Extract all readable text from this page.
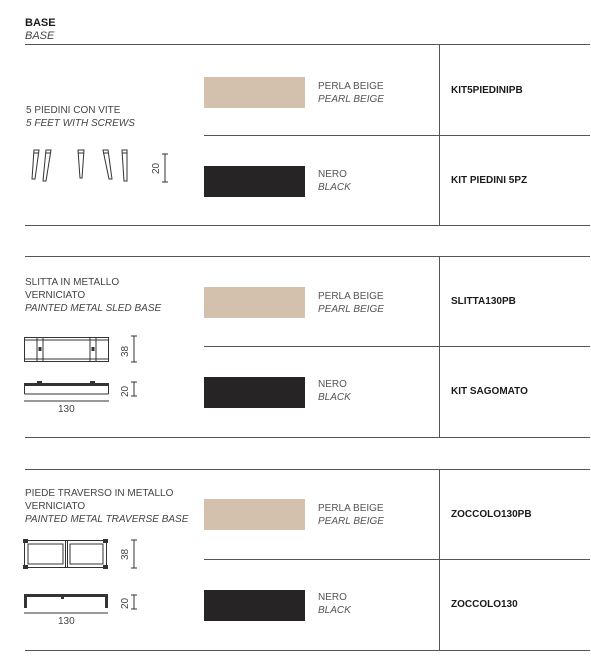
BASE
BASE
5 PIEDINI CON VITE
5 FEET WITH SCREWS
20
PERLA BEIGE
PEARL BEIGE
KIT5PIEDINIPB
NERO
BLACK
KIT PIEDINI 5PZ
SLITTA IN METALLO
VERNICIATO
PAINTED METAL SLED BASE
38
20
130
PERLA BEIGE
PEARL BEIGE
SLITTA130PB
NERO
BLACK
KIT SAGOMATO
PIEDE TRAVERSO IN METALLO
VERNICIATO
PAINTED METAL TRAVERSE BASE
38
20
130
PERLA BEIGE
PEARL BEIGE
ZOCCOLO130PB
NERO
BLACK
ZOCCOLO130
